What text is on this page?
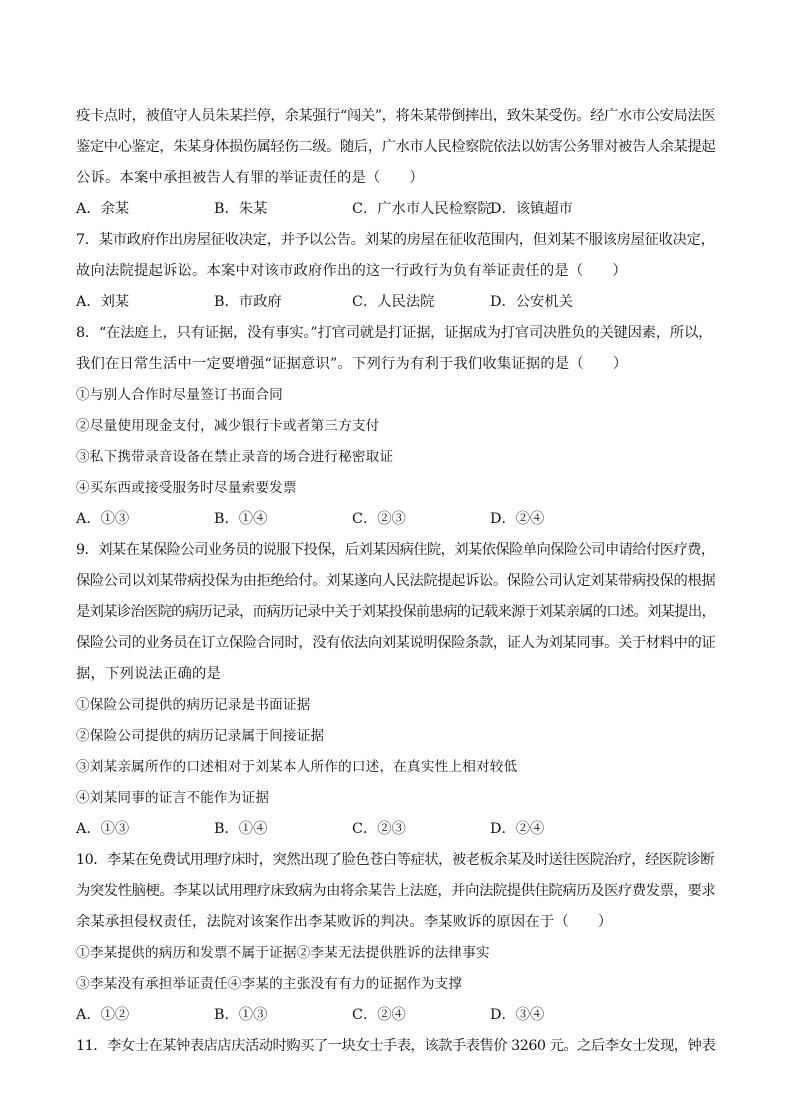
疫卡点时，被值守人员朱某拦停，余某强行“闯关”，将朱某带倒摔出，致朱某受伤。经广水市公安局法医
鉴定中心鉴定，朱某身体损伤属轻伤二级。随后，广水市人民检察院依法以妨害公务罪对被告人余某提起
公诉。本案中承担被告人有罪的举证责任的是（　　）
A．余某	B．朱某	C．广水市人民检察院
D．该镇超市
7．某市政府作出房屋征收决定，并予以公告。刘某的房屋在征收范围内，但刘某不服该房屋征收决定，
故向法院提起诉讼。本案中对该市政府作出的这一行政行为负有举证责任的是（　　）
A．刘某	B．市政府	C．人民法院	D．公安机关
8．“在法庭上，只有证据，没有事实。”打官司就是打证据，证据成为打官司决胜负的关键因素，所以，
我们在日常生活中一定要增强“证据意识”。下列行为有利于我们收集证据的是（　　）
①与别人合作时尽量签订书面合同
②尽量使用现金支付，减少银行卡或者第三方支付
③私下携带录音设备在禁止录音的场合进行秘密取证
④买东西或接受服务时尽量索要发票
A．①③	B．①④	C．②③	D．②④
9．刘某在某保险公司业务员的说服下投保，后刘某因病住院，刘某依保险单向保险公司申请给付医疗费，
保险公司以刘某带病投保为由拒绝给付。刘某遂向人民法院提起诉讼。保险公司认定刘某带病投保的根据
是刘某诊治医院的病历记录，而病历记录中关于刘某投保前患病的记载来源于刘某亲属的口述。刘某提出，
保险公司的业务员在订立保险合同时，没有依法向刘某说明保险条款，证人为刘某同事。关于材料中的证
据，下列说法正确的是
①保险公司提供的病历记录是书面证据
②保险公司提供的病历记录属于间接证据
③刘某亲属所作的口述相对于刘某本人所作的口述，在真实性上相对较低
④刘某同事的证言不能作为证据
A．①③	B．①④	C．②③	D．②④
10．李某在免费试用理疗床时，突然出现了脸色苍白等症状，被老板余某及时送往医院治疗，经医院诊断
为突发性脑梗。李某以试用理疗床致病为由将余某告上法庭，并向法院提供住院病历及医疗费发票，要求
余某承担侵权责任，法院对该案作出李某败诉的判决。李某败诉的原因在于（　　）
①李某提供的病历和发票不属于证据②李某无法提供胜诉的法律事实
③李某没有承担举证责任④李某的主张没有有力的证据作为支撑
A．①②	B．①③	C．②④	D．③④
11．李女士在某钟表店店庆活动时购买了一块女士手表，该款手表售价 3260 元。之后李女士发现，钟表
